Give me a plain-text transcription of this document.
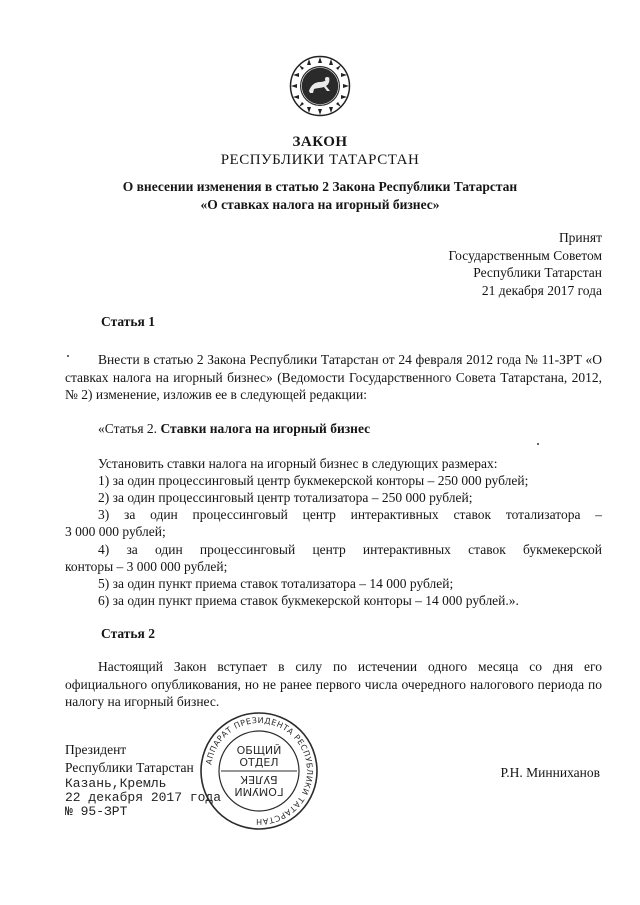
ЗАКОН
РЕСПУБЛИКИ ТАТАРСТАН
О внесении изменения в статью 2 Закона Республики Татарстан
«О ставках налога на игорный бизнес»
Принят
Государственным Советом
Республики Татарстан
21 декабря 2017 года
Статья 1
Внести в статью 2 Закона Республики Татарстан от 24 февраля 2012 года № 11-ЗРТ «О ставках налога на игорный бизнес» (Ведомости Государственного Совета Татарстана, 2012, № 2) изменение, изложив ее в следующей редакции:
«Статья 2. Ставки налога на игорный бизнес
Установить ставки налога на игорный бизнес в следующих размерах:
1) за один процессинговый центр букмекерской конторы – 250 000 рублей;
2) за один процессинговый центр тотализатора – 250 000 рублей;
3) за один процессинговый центр интерактивных ставок тотализатора –
3 000 000 рублей;
4) за один процессинговый центр интерактивных ставок букмекерской
конторы – 3 000 000 рублей;
5) за один пункт приема ставок тотализатора – 14 000 рублей;
6) за один пункт приема ставок букмекерской конторы – 14 000 рублей.».
Статья 2
Настоящий Закон вступает в силу по истечении одного месяца со дня его официального опубликования, но не ранее первого числа очередного налогового периода по налогу на игорный бизнес.
Президент
Республики Татарстан	Р.Н. Минниханов
Казань,Кремль
22 декабря 2017 года
№ 95-ЗРТ
АППАРАТ ПРЕЗИДЕНТА РЕСПУБЛИКИ ТАТАРСТАН
ОБЩИЙ
ОТДЕЛ
ГОМУМИ
БУЛЕК
